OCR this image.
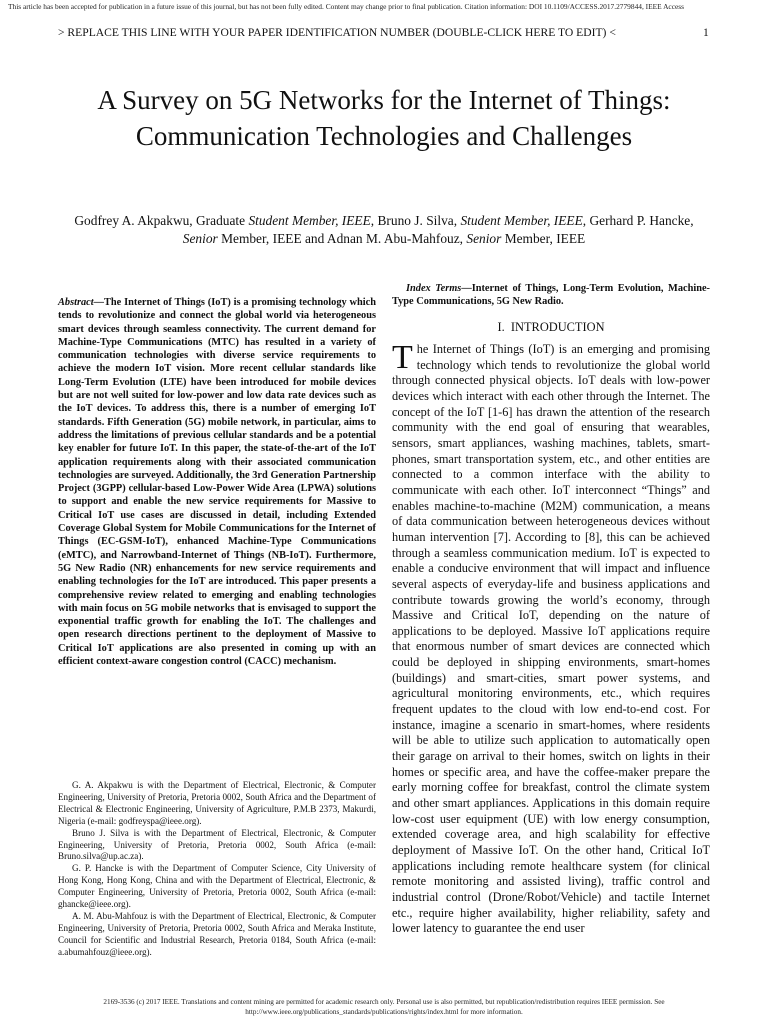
This article has been accepted for publication in a future issue of this journal, but has not been fully edited. Content may change prior to final publication. Citation information: DOI 10.1109/ACCESS.2017.2779844, IEEE Access
> REPLACE THIS LINE WITH YOUR PAPER IDENTIFICATION NUMBER (DOUBLE-CLICK HERE TO EDIT) <	1
A Survey on 5G Networks for the Internet of Things: Communication Technologies and Challenges
Godfrey A. Akpakwu, Graduate Student Member, IEEE, Bruno J. Silva, Student Member, IEEE, Gerhard P. Hancke, Senior Member, IEEE and Adnan M. Abu-Mahfouz, Senior Member, IEEE
Abstract—The Internet of Things (IoT) is a promising technology which tends to revolutionize and connect the global world via heterogeneous smart devices through seamless connectivity. The current demand for Machine-Type Communications (MTC) has resulted in a variety of communication technologies with diverse service requirements to achieve the modern IoT vision. More recent cellular standards like Long-Term Evolution (LTE) have been introduced for mobile devices but are not well suited for low-power and low data rate devices such as the IoT devices. To address this, there is a number of emerging IoT standards. Fifth Generation (5G) mobile network, in particular, aims to address the limitations of previous cellular standards and be a potential key enabler for future IoT. In this paper, the state-of-the-art of the IoT application requirements along with their associated communication technologies are surveyed. Additionally, the 3rd Generation Partnership Project (3GPP) cellular-based Low-Power Wide Area (LPWA) solutions to support and enable the new service requirements for Massive to Critical IoT use cases are discussed in detail, including Extended Coverage Global System for Mobile Communications for the Internet of Things (EC-GSM-IoT), enhanced Machine-Type Communications (eMTC), and Narrowband-Internet of Things (NB-IoT). Furthermore, 5G New Radio (NR) enhancements for new service requirements and enabling technologies for the IoT are introduced. This paper presents a comprehensive review related to emerging and enabling technologies with main focus on 5G mobile networks that is envisaged to support the exponential traffic growth for enabling the IoT. The challenges and open research directions pertinent to the deployment of Massive to Critical IoT applications are also presented in coming up with an efficient context-aware congestion control (CACC) mechanism.

G. A. Akpakwu is with the Department of Electrical, Electronic, & Computer Engineering, University of Pretoria, Pretoria 0002, South Africa and the Department of Electrical & Electronic Engineering, University of Agriculture, P.M.B 2373, Makurdi, Nigeria (e-mail: godfreyspa@ieee.org).

Bruno J. Silva is with the Department of Electrical, Electronic, & Computer Engineering, University of Pretoria, Pretoria 0002, South Africa (e-mail: Bruno.silva@up.ac.za).

G. P. Hancke is with the Department of Computer Science, City University of Hong Kong, Hong Kong, China and with the Department of Electrical, Electronic, & Computer Engineering, University of Pretoria, Pretoria 0002, South Africa (e-mail: ghancke@ieee.org).

A. M. Abu-Mahfouz is with the Department of Electrical, Electronic, & Computer Engineering, University of Pretoria, Pretoria 0002, South Africa and Meraka Institute, Council for Scientific and Industrial Research, Pretoria 0184, South Africa (e-mail: a.abumahfouz@ieee.org).

Index Terms—Internet of Things, Long-Term Evolution, Machine-Type Communications, 5G New Radio.
I. INTRODUCTION
The Internet of Things (IoT) is an emerging and promising technology which tends to revolutionize the global world through connected physical objects. IoT deals with low-power devices which interact with each other through the Internet. The concept of the IoT [1-6] has drawn the attention of the research community with the end goal of ensuring that wearables, sensors, smart appliances, washing machines, tablets, smart-phones, smart transportation system, etc., and other entities are connected to a common interface with the ability to communicate with each other. IoT interconnect “Things” and enables machine-to-machine (M2M) communication, a means of data communication between heterogeneous devices without human intervention [7]. According to [8], this can be achieved through a seamless communication medium. IoT is expected to enable a conducive environment that will impact and influence several aspects of everyday-life and business applications and contribute towards growing the world’s economy, through Massive and Critical IoT, depending on the nature of applications to be deployed. Massive IoT applications require that enormous number of smart devices are connected which could be deployed in shipping environments, smart-homes (buildings) and smart-cities, smart power systems, and agricultural monitoring environments, etc., which requires frequent updates to the cloud with low end-to-end cost. For instance, imagine a scenario in smart-homes, where residents will be able to utilize such application to automatically open their garage on arrival to their homes, switch on lights in their homes or specific area, and have the coffee-maker prepare the early morning coffee for breakfast, control the climate system and other smart appliances. Applications in this domain require low-cost user equipment (UE) with low energy consumption, extended coverage area, and high scalability for effective deployment of Massive IoT. On the other hand, Critical IoT applications including remote healthcare system (for clinical remote monitoring and assisted living), traffic control and industrial control (Drone/Robot/Vehicle) and tactile Internet etc., require higher availability, higher reliability, safety and lower latency to guarantee the end user
2169-3536 (c) 2017 IEEE. Translations and content mining are permitted for academic research only. Personal use is also permitted, but republication/redistribution requires IEEE permission. See
http://www.ieee.org/publications_standards/publications/rights/index.html for more information.
